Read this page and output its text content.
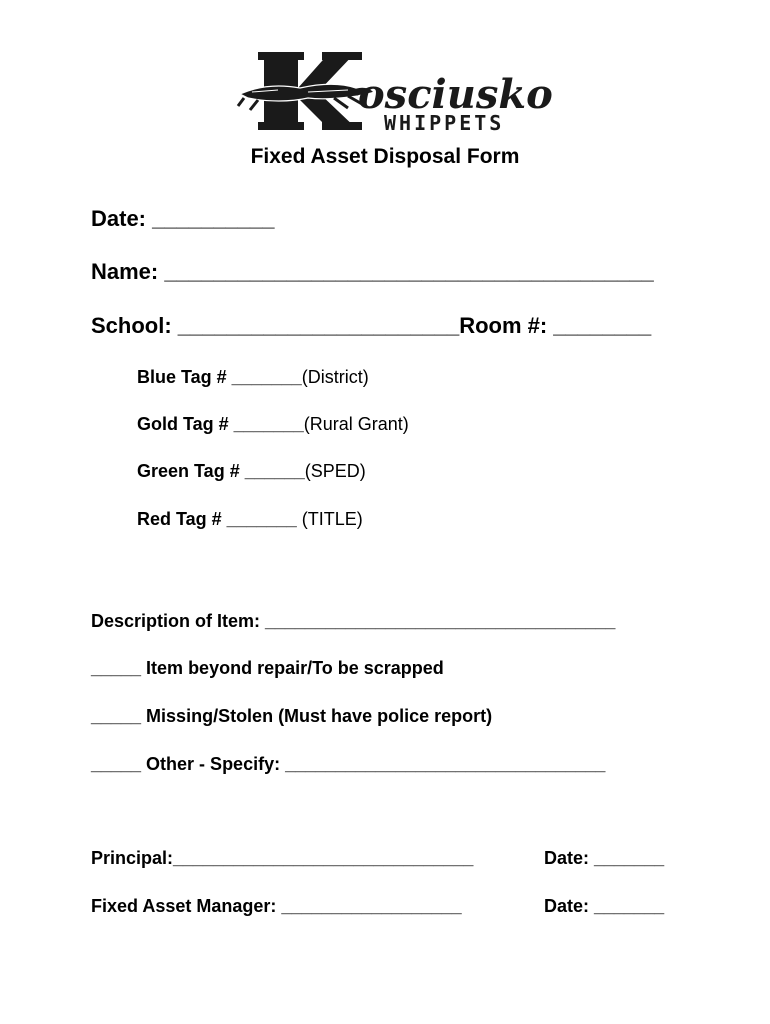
osciusko
WHIPPETS
Fixed Asset Disposal Form
Date: __________
Name: ________________________________________
School: _______________________Room #: ________
Blue Tag # _______(District)
Gold Tag # _______(Rural Grant)
Green Tag # ______(SPED)
Red Tag # _______ (TITLE)
Description of Item: ___________________________________
_____ Item beyond repair/To be scrapped
_____ Missing/Stolen (Must have police report)
_____ Other - Specify: ________________________________
Principal:______________________________	Date: _______
Fixed Asset Manager: __________________	Date: _______
